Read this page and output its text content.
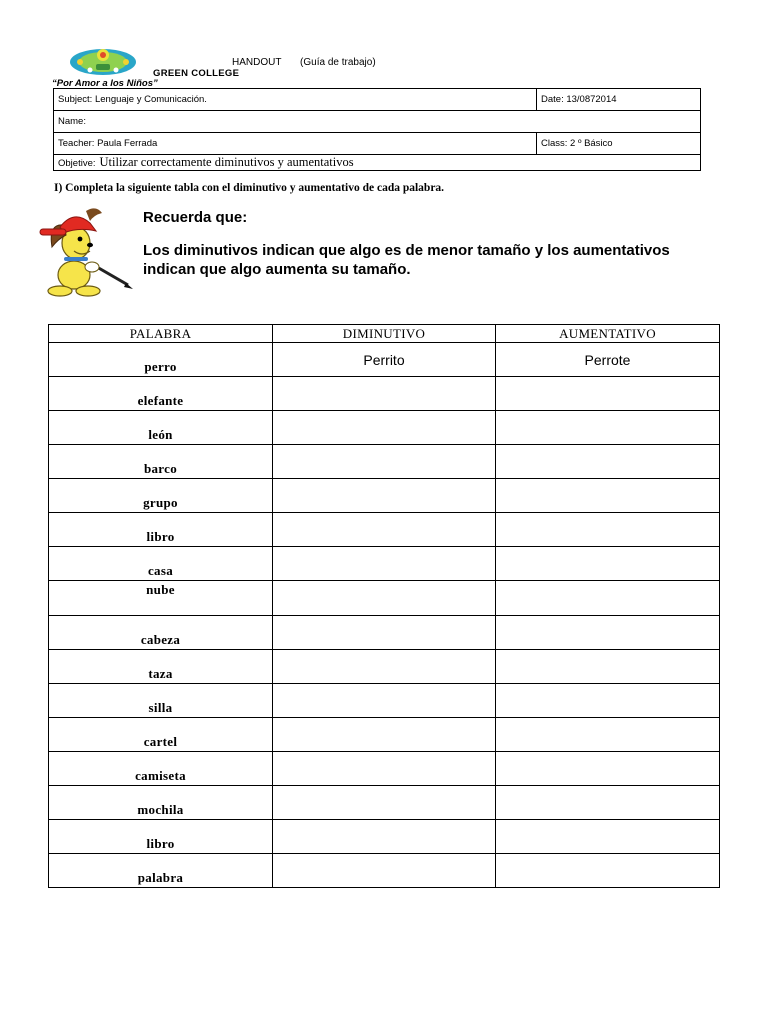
HANDOUT (Guía de trabajo)
GREEN COLLEGE
“Por Amor a los Niños”
Subject: Lenguaje y Comunicación.	Date: 13/0872014
Name:	
Teacher: Paula Ferrada	Class: 2 º Básico
Objetive: Utilizar correctamente diminutivos y aumentativos	
I) Completa la siguiente tabla con el diminutivo y aumentativo de cada palabra.
Recuerda que:
Los diminutivos indican que algo es de menor tamaño y los aumentativos indican que algo aumenta su tamaño.
PALABRA	DIMINUTIVO	AUMENTATIVO
perro	Perrito	Perrote
elefante		
león		
barco		
grupo		
libro		
casa		
nube		
cabeza		
taza		
silla		
cartel		
camiseta		
mochila		
libro		
palabra		
